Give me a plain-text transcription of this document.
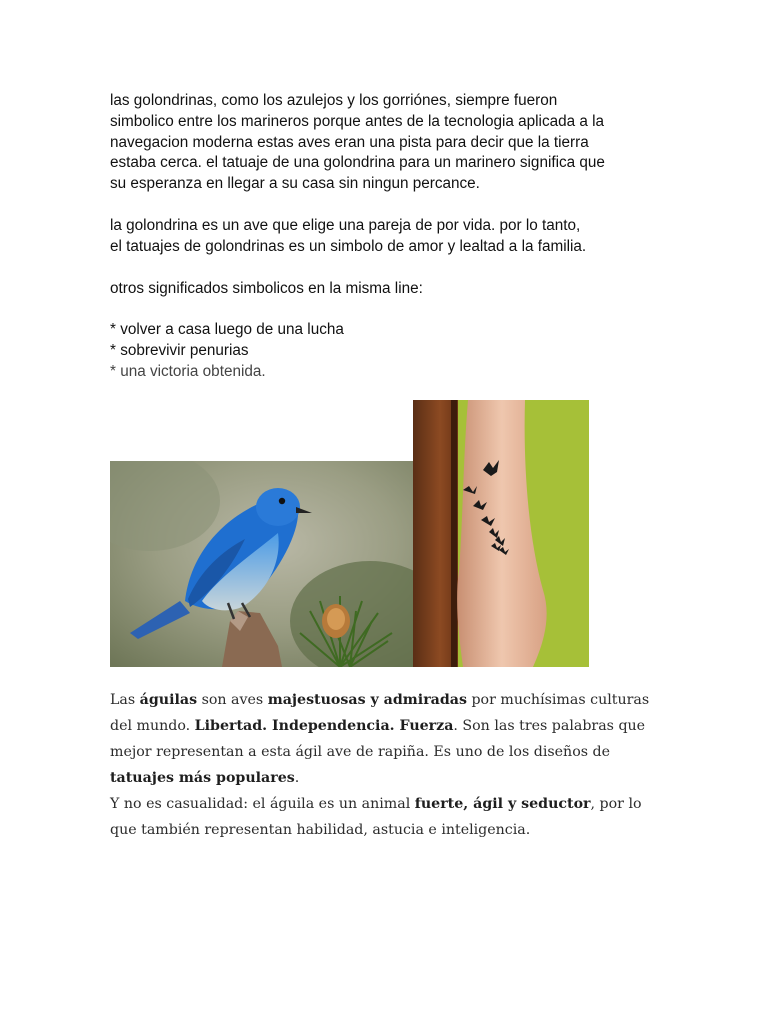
las golondrinas, como los azulejos y los gorriónes, siempre fueron
simbolico entre los marineros porque antes de la tecnologia aplicada a la
navegacion moderna estas aves eran una pista para decir que la tierra
estaba cerca. el tatuaje de una golondrina para un marinero significa que
su esperanza en llegar a su casa sin ningun percance.

la golondrina es un ave que elige una pareja de por vida. por lo tanto,
el tatuajes de golondrinas es un simbolo de amor y lealtad a la familia.

otros significados simbolicos en la misma line:

* volver a casa luego de una lucha
* sobrevivir penurias
* una victoria obtenida.

Las águilas son aves majestuosas y admiradas por muchísimas culturas del mundo. Libertad. Independencia. Fuerza. Son las tres palabras que mejor representan a esta ágil ave de rapiña. Es uno de los diseños de tatuajes más populares.

Y no es casualidad: el águila es un animal fuerte, ágil y seductor, por lo que también representan habilidad, astucia e inteligencia.
